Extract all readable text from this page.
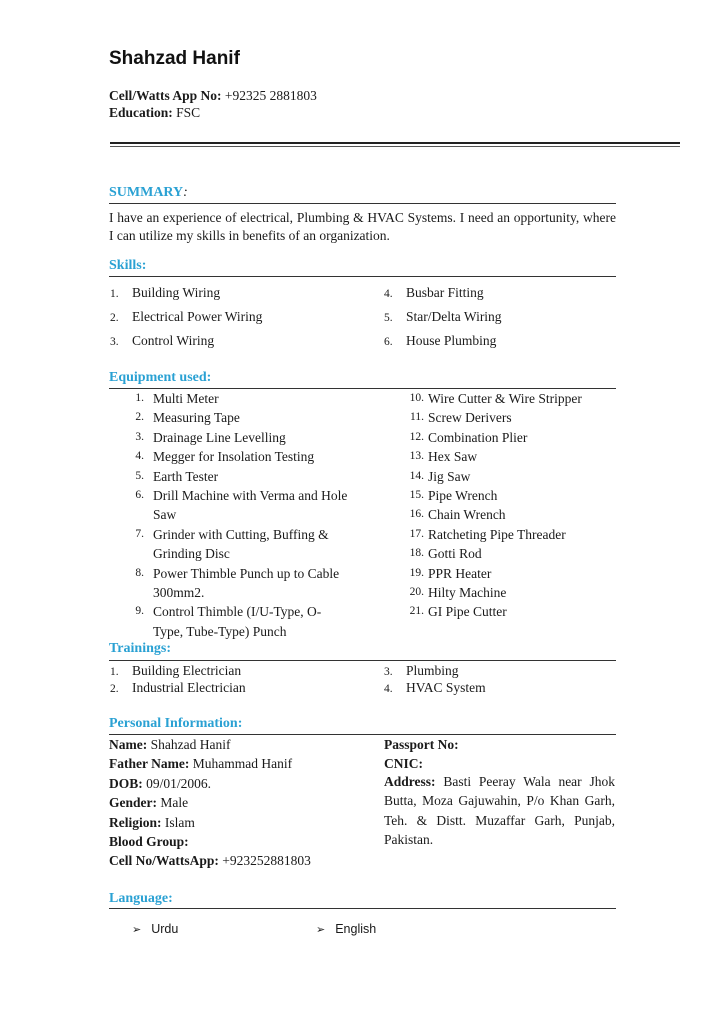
Shahzad Hanif
Cell/Watts App No: +92325 2881803
Education: FSC
SUMMARY:
I have an experience of electrical, Plumbing & HVAC Systems. I need an opportunity, where I can utilize my skills in benefits of an organization.
Skills:
1. Building Wiring
2. Electrical Power Wiring
3. Control Wiring
4. Busbar Fitting
5. Star/Delta Wiring
6. House Plumbing
Equipment used:
1. Multi Meter
2. Measuring Tape
3. Drainage Line Levelling
4. Megger for Insolation Testing
5. Earth Tester
6. Drill Machine with Verma and Hole Saw
7. Grinder with Cutting, Buffing & Grinding Disc
8. Power Thimble Punch up to Cable 300mm2.
9. Control Thimble (I/U-Type, O-Type, Tube-Type) Punch
10. Wire Cutter & Wire Stripper
11. Screw Derivers
12. Combination Plier
13. Hex Saw
14. Jig Saw
15. Pipe Wrench
16. Chain Wrench
17. Ratcheting Pipe Threader
18. Gotti Rod
19. PPR Heater
20. Hilty Machine
21. GI Pipe Cutter
Trainings:
1. Building Electrician
2. Industrial Electrician
3. Plumbing
4. HVAC System
Personal Information:
Name: Shahzad Hanif
Father Name: Muhammad Hanif
DOB: 09/01/2006.
Gender: Male
Religion: Islam
Blood Group:
Cell No/WattsApp: +923252881803
Passport No:
CNIC:
Address: Basti Peeray Wala near Jhok Butta, Moza Gajuwahin, P/o Khan Garh, Teh. & Distt. Muzaffar Garh, Punjab, Pakistan.
Language:
➢ Urdu	➢ English
